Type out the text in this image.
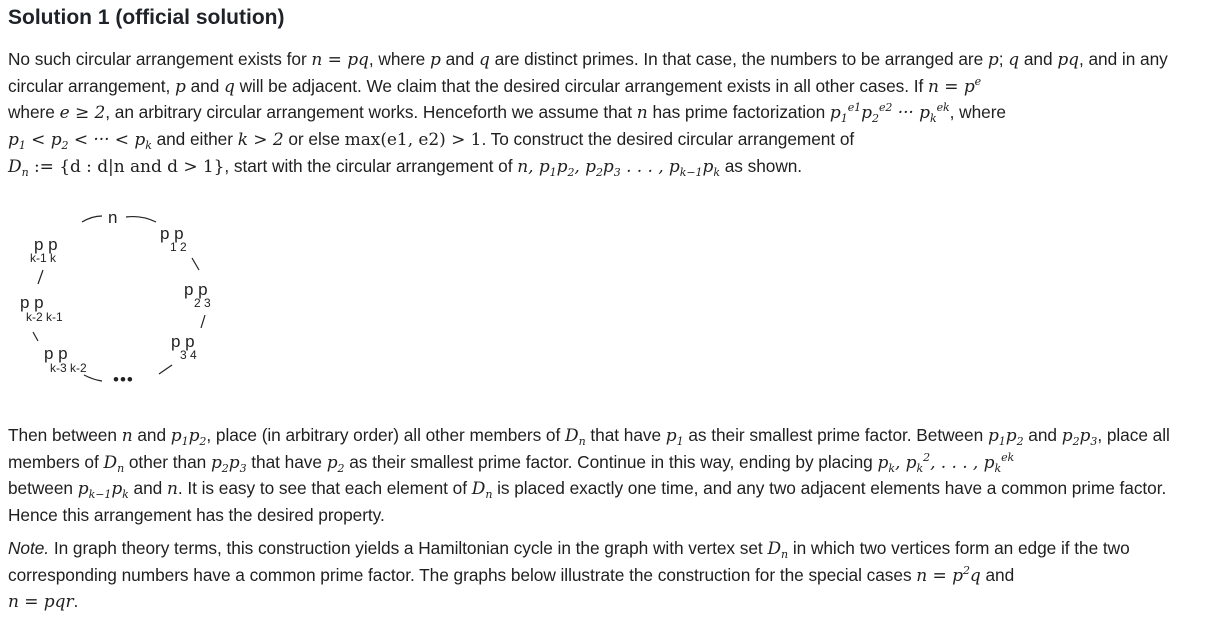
Solution 1 (official solution)

No such circular arrangement exists for n = pq, where p and q are distinct primes. In that case, the numbers to be arranged are p; q and pq, and in any circular arrangement, p and q will be adjacent. We claim that the desired circular arrangement exists in all other cases. If $n = p^e$
where e ≥ 2, an arbitrary circular arrangement works. Henceforth we assume that n has prime factorization $p_1^{e1}p_2^{e2}$ ··· $p_k^{ek}$, where
$p_1 < p_2$ < ··· < $p_k$ and either k > 2 or else max(e1, e2) > 1. To construct the desired circular arrangement of
$D_n$ := {d : d|n and d > 1}, start with the circular arrangement of n, $p_1p_2$, $p_2p_3$ . . . , $p_{k-1}p_k$ as shown.

n
p p
1 2
p p
2 3
p p
3 4
•••
p p
k-1 k
p p
k-2 k-1
p p
k-3 k-2

Then between n and $p_1p_2$, place (in arbitrary order) all other members of $D_n$ that have $p_1$ as their smallest prime factor. Between $p_1p_2$ and $p_2p_3$, place all members of $D_n$ other than $p_2p_3$ that have $p_2$ as their smallest prime factor. Continue in this way, ending by placing $p_k$, $p_k^2$, . . . , $p_k^{ek}$
between $p_{k-1}p_k$ and n. It is easy to see that each element of $D_n$ is placed exactly one time, and any two adjacent elements have a common prime factor. Hence this arrangement has the desired property.

Note. In graph theory terms, this construction yields a Hamiltonian cycle in the graph with vertex set $D_n$ in which two vertices form an edge if the two corresponding numbers have a common prime factor. The graphs below illustrate the construction for the special cases $n = p^2q$ and
n = pqr.
